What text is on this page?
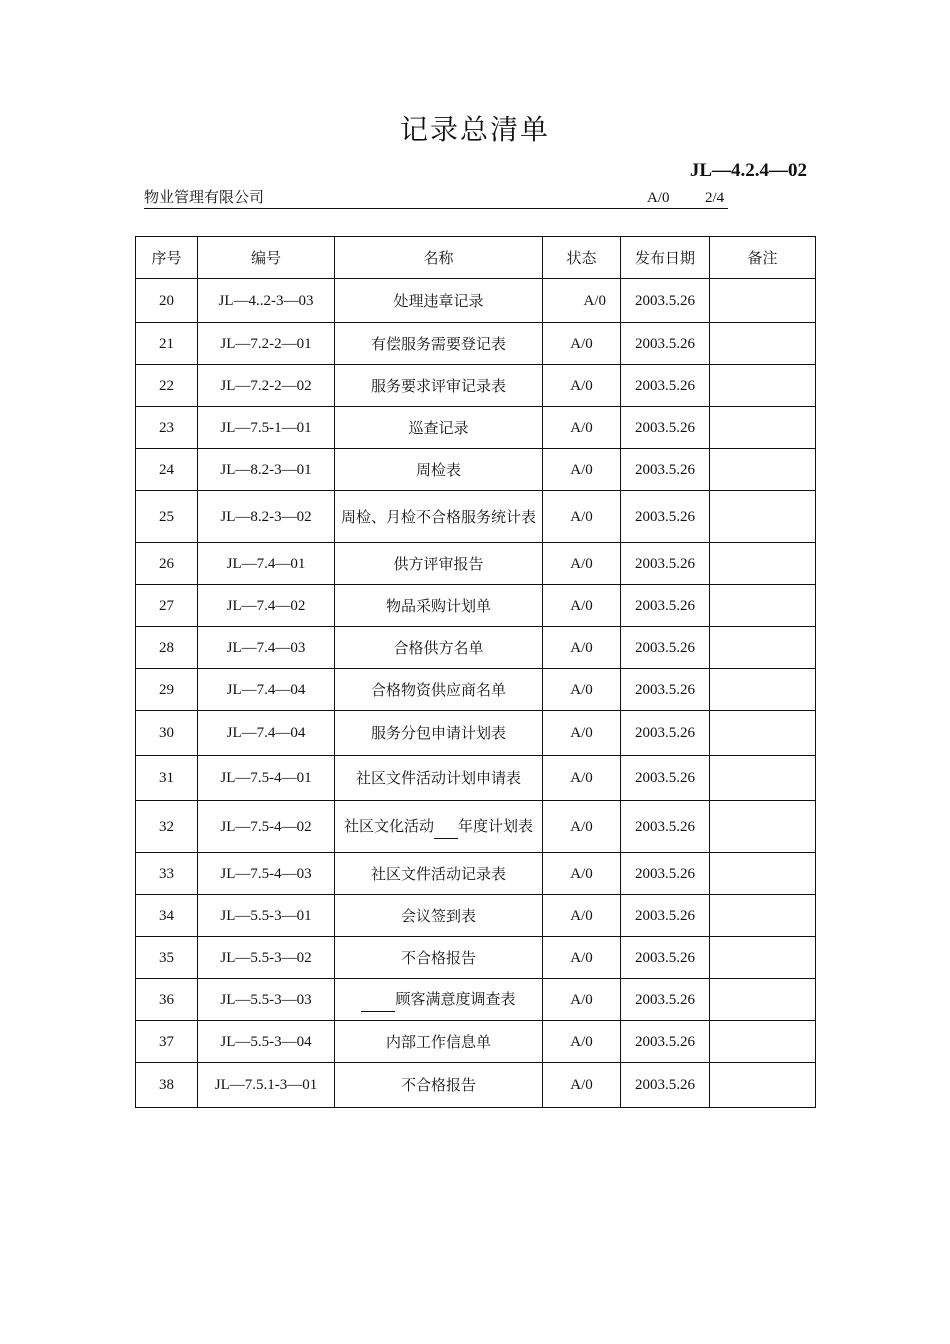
记录总清单
JL—4.2.4—02
物业管理有限公司	A/0 2/4
序号	编号	名称	状态	发布日期	备注
20	JL—4..2-3—03	处理违章记录	A/0	2003.5.26	
21	JL—7.2-2—01	有偿服务需要登记表	A/0	2003.5.26	
22	JL—7.2-2—02	服务要求评审记录表	A/0	2003.5.26	
23	JL—7.5-1—01	巡查记录	A/0	2003.5.26	
24	JL—8.2-3—01	周检表	A/0	2003.5.26	
25	JL—8.2-3—02	周检、月检不合格服务统计表	A/0	2003.5.26	
26	JL—7.4—01	供方评审报告	A/0	2003.5.26	
27	JL—7.4—02	物品采购计划单	A/0	2003.5.26	
28	JL—7.4—03	合格供方名单	A/0	2003.5.26	
29	JL—7.4—04	合格物资供应商名单	A/0	2003.5.26	
30	JL—7.4—04	服务分包申请计划表	A/0	2003.5.26	
31	JL—7.5-4—01	社区文件活动计划申请表	A/0	2003.5.26	
32	JL—7.5-4—02	社区文化活动 年度计划表	A/0	2003.5.26	
33	JL—7.5-4—03	社区文件活动记录表	A/0	2003.5.26	
34	JL—5.5-3—01	会议签到表	A/0	2003.5.26	
35	JL—5.5-3—02	不合格报告	A/0	2003.5.26	
36	JL—5.5-3—03	顾客满意度调查表	A/0	2003.5.26	
37	JL—5.5-3—04	内部工作信息单	A/0	2003.5.26	
38	JL—7.5.1-3—01	不合格报告	A/0	2003.5.26	
